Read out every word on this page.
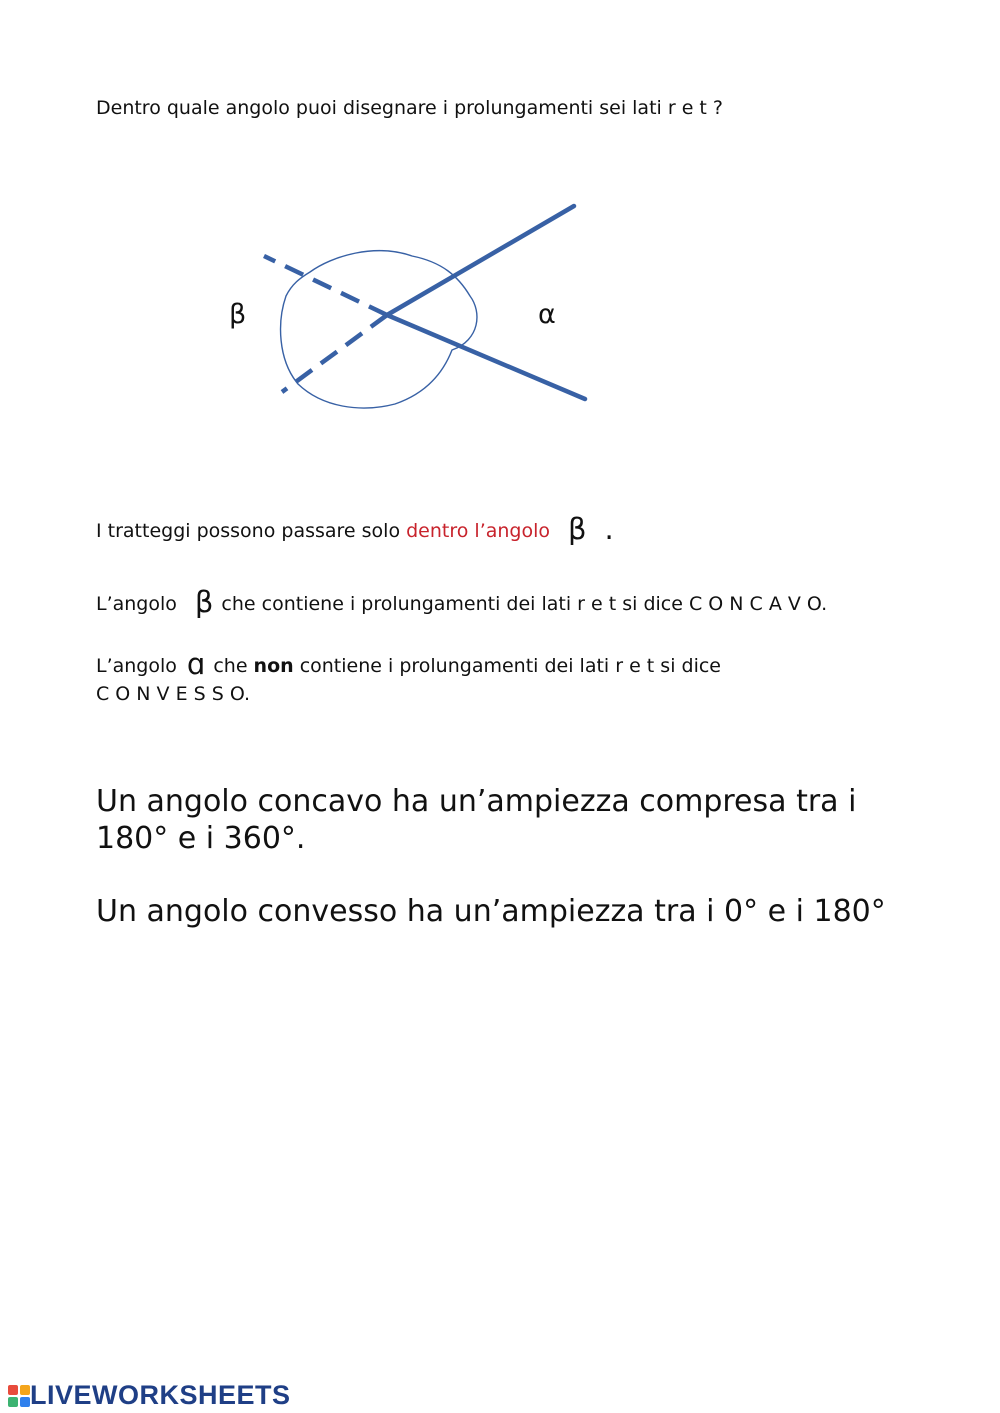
Dentro quale angolo puoi disegnare i prolungamenti sei lati r e t ?
β	α
I tratteggi possono passare solo dentro l’angolo β .
L’angolo β che contiene i prolungamenti dei lati r e t si dice C O N C A V O.
L’angolo ɑ che non contiene i prolungamenti dei lati r e t si dice
C O N V E S S O.
Un angolo concavo ha un’ampiezza compresa tra i
180° e i 360°.
Un angolo convesso ha un’ampiezza tra i 0° e i 180°
LIVEWORKSHEETS
